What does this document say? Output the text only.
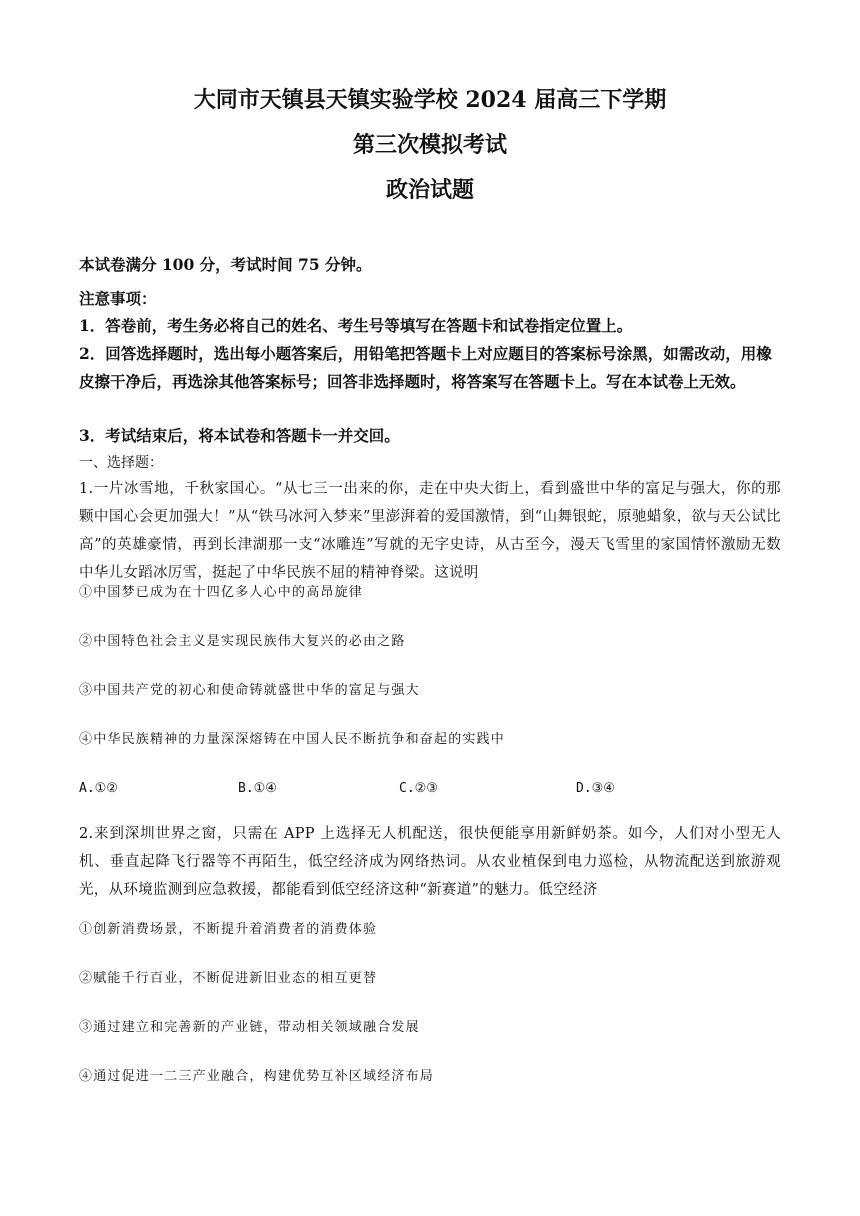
大同市天镇县天镇实验学校 2024 届高三下学期
第三次模拟考试
政治试题
本试卷满分 100 分，考试时间 75 分钟。
注意事项：
1．答卷前，考生务必将自己的姓名、考生号等填写在答题卡和试卷指定位置上。
2．回答选择题时，选出每小题答案后，用铅笔把答题卡上对应题目的答案标号涂黑，如需改动，用橡皮擦干净后，再选涂其他答案标号；回答非选择题时，将答案写在答题卡上。写在本试卷上无效。
3．考试结束后，将本试卷和答题卡一并交回。
一、选择题：
1.一片冰雪地，千秋家国心。“从七三一出来的你，走在中央大街上，看到盛世中华的富足与强大，你的那颗中国心会更加强大！”从“铁马冰河入梦来”里澎湃着的爱国激情，到“山舞银蛇，原驰蜡象，欲与天公试比高”的英雄豪情，再到长津湖那一支“冰雕连”写就的无字史诗，从古至今，漫天飞雪里的家国情怀激励无数中华儿女蹈冰厉雪，挺起了中华民族不屈的精神脊梁。这说明
①中国梦已成为在十四亿多人心中的高昂旋律
②中国特色社会主义是实现民族伟大复兴的必由之路
③中国共产党的初心和使命铸就盛世中华的富足与强大
④中华民族精神的力量深深熔铸在中国人民不断抗争和奋起的实践中
A.①②	B.①④	C.②③	D.③④
2.来到深圳世界之窗，只需在 APP 上选择无人机配送，很快便能享用新鲜奶茶。如今，人们对小型无人机、垂直起降飞行器等不再陌生，低空经济成为网络热词。从农业植保到电力巡检，从物流配送到旅游观光，从环境监测到应急救援，都能看到低空经济这种“新赛道”的魅力。低空经济
①创新消费场景，不断提升着消费者的消费体验
②赋能千行百业，不断促进新旧业态的相互更替
③通过建立和完善新的产业链，带动相关领域融合发展
④通过促进一二三产业融合，构建优势互补区域经济布局
